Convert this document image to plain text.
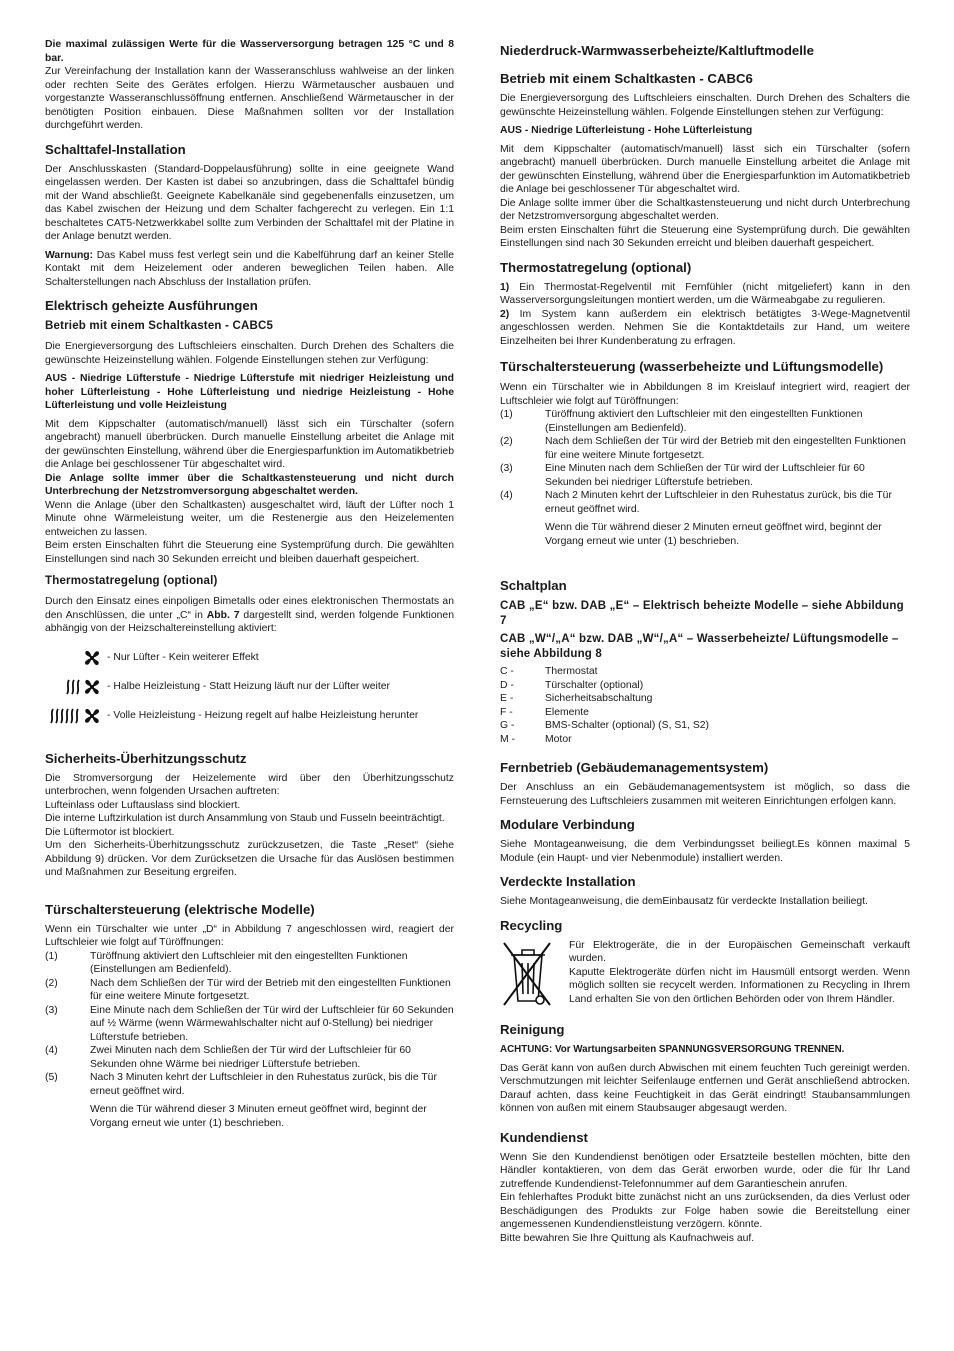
Die maximal zulässigen Werte für die Wasserversorgung betragen 125 °C und 8 bar.

Zur Vereinfachung der Installation kann der Wasseranschluss wahlweise an der linken oder rechten Seite des Gerätes erfolgen. Hierzu Wärmetauscher ausbauen und vorgestanzte Wasseranschlussöffnung entfernen. Anschließend Wärmetauscher in der benötigten Position einbauen. Diese Maßnahmen sollten vor der Installation durchgeführt werden.

Schalttafel-Installation

Der Anschlusskasten (Standard-Doppelausführung) sollte in eine geeignete Wand eingelassen werden. Der Kasten ist dabei so anzubringen, dass die Schalttafel bündig mit der Wand abschließt. Geeignete Kabelkanäle sind gegebenenfalls einzusetzen, um das Kabel zwischen der Heizung und dem Schalter fachgerecht zu verlegen. Ein 1:1 beschaltetes CAT5-Netzwerkkabel sollte zum Verbinden der Schalttafel mit der Platine in der Anlage benutzt werden.

Warnung: Das Kabel muss fest verlegt sein und die Kabelführung darf an keiner Stelle Kontakt mit dem Heizelement oder anderen beweglichen Teilen haben. Alle Schalterstellungen nach Abschluss der Installation prüfen.

Elektrisch geheizte Ausführungen
Betrieb mit einem Schaltkasten - CABC5

Die Energieversorgung des Luftschleiers einschalten. Durch Drehen des Schalters die gewünschte Heizeinstellung wählen. Folgende Einstellungen stehen zur Verfügung:

AUS - Niedrige Lüfterstufe - Niedrige Lüfterstufe mit niedriger Heizleistung und hoher Lüfterleistung - Hohe Lüfterleistung und niedrige Heizleistung - Hohe Lüfterleistung und volle Heizleistung

Mit dem Kippschalter (automatisch/manuell) lässt sich ein Türschalter (sofern angebracht) manuell überbrücken. Durch manuelle Einstellung arbeitet die Anlage mit der gewünschten Einstellung, während über die Energiesparfunktion im Automatikbetrieb die Anlage bei geschlossener Tür abgeschaltet wird.

Die Anlage sollte immer über die Schaltkastensteuerung und nicht durch Unterbrechung der Netzstromversorgung abgeschaltet werden.

Wenn die Anlage (über den Schaltkasten) ausgeschaltet wird, läuft der Lüfter noch 1 Minute ohne Wärmeleistung weiter, um die Restenergie aus den Heizelementen entweichen zu lassen.

Beim ersten Einschalten führt die Steuerung eine Systemprüfung durch. Die gewählten Einstellungen sind nach 30 Sekunden erreicht und bleiben dauerhaft gespeichert.

Thermostatregelung (optional)

Durch den Einsatz eines einpoligen Bimetalls oder eines elektronischen Thermostats an den Anschlüssen, die unter „C“ in Abb. 7 dargestellt sind, werden folgende Funktionen abhängig von der Heizschaltereinstellung aktiviert:

- Nur Lüfter - Kein weiterer Effekt
- Halbe Heizleistung - Statt Heizung läuft nur der Lüfter weiter
- Volle Heizleistung - Heizung regelt auf halbe Heizleistung herunter
Sicherheits-Überhitzungsschutz

Die Stromversorgung der Heizelemente wird über den Überhitzungsschutz unterbrochen, wenn folgenden Ursachen auftreten:

Lufteinlass oder Luftauslass sind blockiert.

Die interne Luftzirkulation ist durch Ansammlung von Staub und Fusseln beeinträchtigt.

Die Lüftermotor ist blockiert.

Um den Sicherheits-Überhitzungsschutz zurückzusetzen, die Taste „Reset“ (siehe Abbildung 9) drücken. Vor dem Zurücksetzen die Ursache für das Auslösen bestimmen und Maßnahmen zur Beseitung ergreifen.

Türschaltersteuerung (elektrische Modelle)

Wenn ein Türschalter wie unter „D“ in Abbildung 7 angeschlossen wird, reagiert der Luftschleier wie folgt auf Türöffnungen:

(1)	Türöffnung aktiviert den Luftschleier mit den eingestellten Funktionen (Einstellungen am Bedienfeld).
(2)	Nach dem Schließen der Tür wird der Betrieb mit den eingestellten Funktionen für eine weitere Minute fortgesetzt.
(3)	Eine Minute nach dem Schließen der Tür wird der Luftschleier für 60 Sekunden auf ½ Wärme (wenn Wärmewahlschalter nicht auf 0-Stellung) bei niedriger Lüfterstufe betrieben.
(4)	Zwei Minuten nach dem Schließen der Tür wird der Luftschleier für 60 Sekunden ohne Wärme bei niedriger Lüfterstufe betrieben.
(5)	Nach 3 Minuten kehrt der Luftschleier in den Ruhestatus zurück, bis die Tür erneut geöffnet wird.
Wenn die Tür während dieser 3 Minuten erneut geöffnet wird, beginnt der Vorgang erneut wie unter (1) beschrieben.
Niederdruck-Warmwasserbeheizte/Kaltluftmodelle
Betrieb mit einem Schaltkasten - CABC6

Die Energieversorgung des Luftschleiers einschalten. Durch Drehen des Schalters die gewünschte Heizeinstellung wählen. Folgende Einstellungen stehen zur Verfügung:

AUS - Niedrige Lüfterleistung - Hohe Lüfterleistung

Mit dem Kippschalter (automatisch/manuell) lässt sich ein Türschalter (sofern angebracht) manuell überbrücken. Durch manuelle Einstellung arbeitet die Anlage mit der gewünschten Einstellung, während über die Energiesparfunktion im Automatikbetrieb die Anlage bei geschlossener Tür abgeschaltet wird.

Die Anlage sollte immer über die Schaltkastensteuerung und nicht durch Unterbrechung der Netzstromversorgung abgeschaltet werden.

Beim ersten Einschalten führt die Steuerung eine Systemprüfung durch. Die gewählten Einstellungen sind nach 30 Sekunden erreicht und bleiben dauerhaft gespeichert.

Thermostatregelung (optional)

1) Ein Thermostat-Regelventil mit Fernfühler (nicht mitgeliefert) kann in den Wasserversorgungsleitungen montiert werden, um die Wärmeabgabe zu regulieren.

2) Im System kann außerdem ein elektrisch betätigtes 3-Wege-Magnetventil angeschlossen werden. Nehmen Sie die Kontaktdetails zur Hand, um weitere Einzelheiten bei Ihrer Kundenberatung zu erfragen.

Türschaltersteuerung (wasserbeheizte und Lüftungsmodelle)

Wenn ein Türschalter wie in Abbildungen 8 im Kreislauf integriert wird, reagiert der Luftschleier wie folgt auf Türöffnungen:

(1)	Türöffnung aktiviert den Luftschleier mit den eingestellten Funktionen (Einstellungen am Bedienfeld).
(2)	Nach dem Schließen der Tür wird der Betrieb mit den eingestellten Funktionen für eine weitere Minute fortgesetzt.
(3)	Eine Minuten nach dem Schließen der Tür wird der Luftschleier für 60 Sekunden bei niedriger Lüfterstufe betrieben.
(4)	Nach 2 Minuten kehrt der Luftschleier in den Ruhestatus zurück, bis die Tür erneut geöffnet wird.
Wenn die Tür während dieser 2 Minuten erneut geöffnet wird, beginnt der Vorgang erneut wie unter (1) beschrieben.
Schaltplan
CAB „E“ bzw. DAB „E“ – Elektrisch beheizte Modelle – siehe Abbildung 7
CAB „W“/„A“ bzw. DAB „W“/„A“ – Wasserbeheizte/ Lüftungsmodelle – siehe Abbildung 8
C -	Thermostat
D -	Türschalter (optional)
E -	Sicherheitsabschaltung
F -	Elemente
G -	BMS-Schalter (optional) (S, S1, S2)
M -	Motor
Fernbetrieb (Gebäudemanagementsystem)

Der Anschluss an ein Gebäudemanagementsystem ist möglich, so dass die Fernsteuerung des Luftschleiers zusammen mit weiteren Einrichtungen erfolgen kann.

Modulare Verbindung

Siehe Montageanweisung, die dem Verbindungsset beiliegt.Es können maximal 5 Module (ein Haupt- und vier Nebenmodule) installiert werden.

Verdeckte Installation

Siehe Montageanweisung, die demEinbausatz für verdeckte Installation beiliegt.

Recycling

Für Elektrogeräte, die in der Europäischen Gemeinschaft verkauft wurden.

Kaputte Elektrogeräte dürfen nicht im Hausmüll entsorgt werden. Wenn möglich sollten sie recycelt werden. Informationen zu Recycling in Ihrem Land erhalten Sie von den örtlichen Behörden oder von Ihrem Händler.

Reinigung

ACHTUNG: Vor Wartungsarbeiten SPANNUNGSVERSORGUNG TRENNEN.

Das Gerät kann von außen durch Abwischen mit einem feuchten Tuch gereinigt werden. Verschmutzungen mit leichter Seifenlauge entfernen und Gerät anschließend abtrocken. Darauf achten, dass keine Feuchtigkeit in das Gerät eindringt! Staubansammlungen können von außen mit einem Staubsauger abgesaugt werden.

Kundendienst

Wenn Sie den Kundendienst benötigen oder Ersatzteile bestellen möchten, bitte den Händler kontaktieren, von dem das Gerät erworben wurde, oder die für Ihr Land zutreffende Kundendienst-Telefonnummer auf dem Garantieschein anrufen.

Ein fehlerhaftes Produkt bitte zunächst nicht an uns zurücksenden, da dies Verlust oder Beschädigungen des Produkts zur Folge haben sowie die Bereitstellung einer angemessenen Kundendienstleistung verzögern. könnte.

Bitte bewahren Sie Ihre Quittung als Kaufnachweis auf.
